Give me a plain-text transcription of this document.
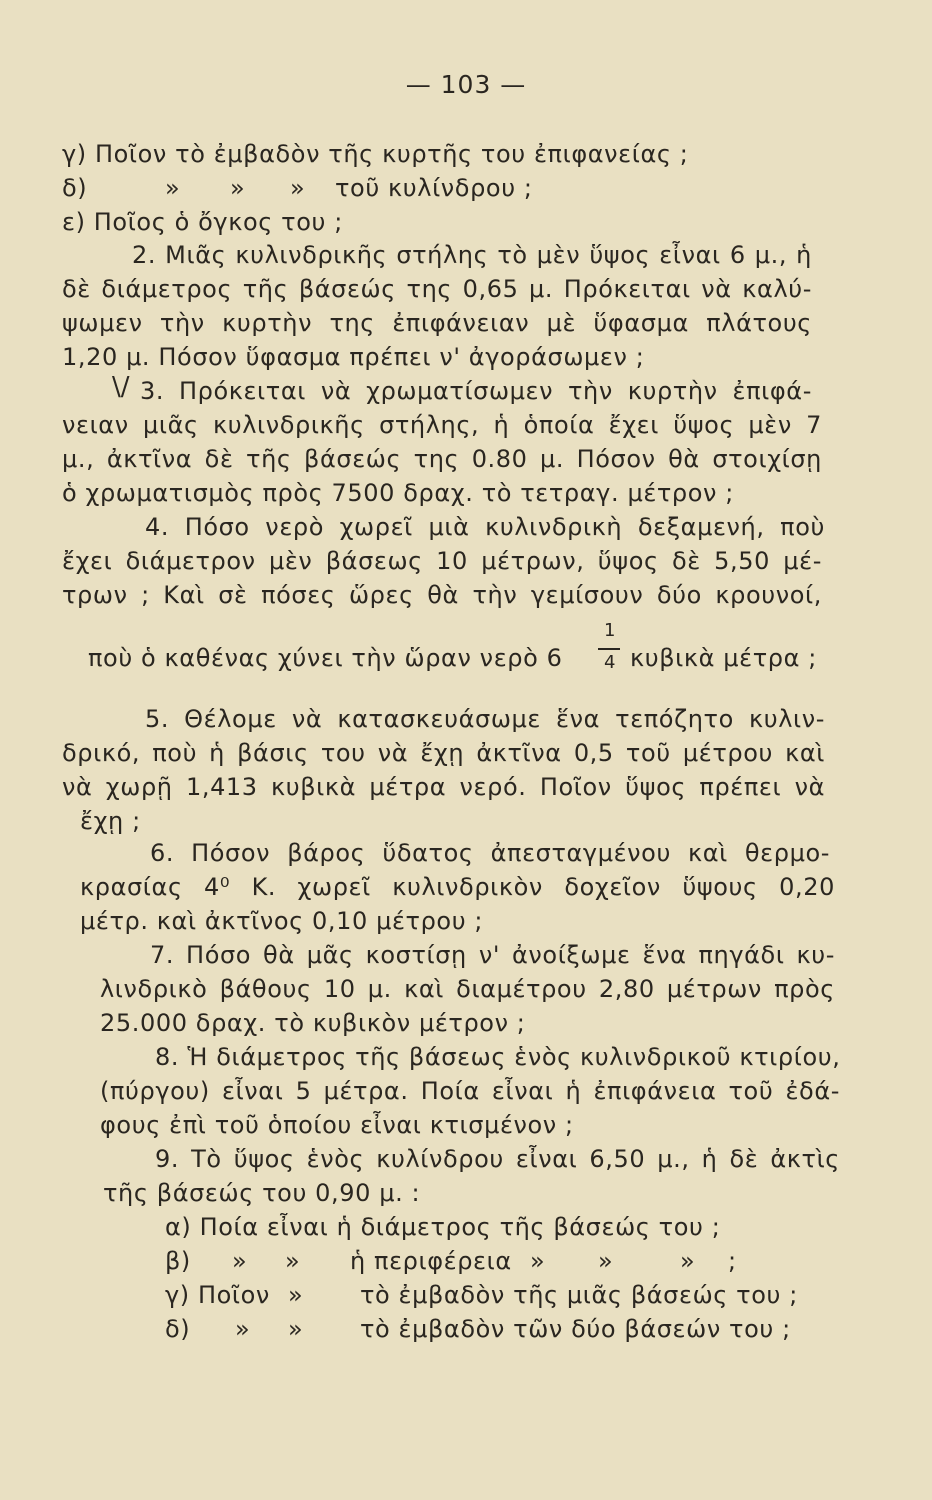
— 103 —
γ) Ποῖον τὸ ἐμβαδὸν τῆς κυρτῆς του ἐπιφανείας ;
δ)	» » » τοῦ κυλίνδρου ;
ε) Ποῖος ὁ ὄγκος του ;
2. Μιᾶς κυλινδρικῆς στήλης τὸ μὲν ὕψος εἶναι 6 μ., ἡ
δὲ διάμετρος τῆς βάσεώς της 0,65 μ. Πρόκειται νὰ καλύ-
ψωμεν τὴν κυρτὴν της ἐπιφάνειαν μὲ ὕφασμα πλάτους
1,20 μ. Πόσον ὕφασμα πρέπει ν' ἀγοράσωμεν ;
\/ 3. Πρόκειται νὰ χρωματίσωμεν τὴν κυρτὴν ἐπιφά-
νειαν μιᾶς κυλινδρικῆς στήλης, ἡ ὁποία ἔχει ὕψος μὲν 7
μ., ἀκτῖνα δὲ τῆς βάσεώς της 0.80 μ. Πόσον θὰ στοιχίσῃ
ὁ χρωματισμὸς πρὸς 7500 δραχ. τὸ τετραγ. μέτρον ;
4. Πόσο νερὸ χωρεῖ μιὰ κυλινδρικὴ δεξαμενή, ποὺ
ἔχει διάμετρον μὲν βάσεως 10 μέτρων, ὕψος δὲ 5,50 μέ-
τρων ; Καὶ σὲ πόσες ὥρες θὰ τὴν γεμίσουν δύο κρουνοί,
ποὺ ὁ καθένας χύνει τὴν ὥραν νερὸ 6
1
4 κυβικὰ μέτρα ;
5. Θέλομε νὰ κατασκευάσωμε ἕνα τεπόζητο κυλιν-
δρικό, ποὺ ἡ βάσις του νὰ ἔχῃ ἀκτῖνα 0,5 τοῦ μέτρου καὶ
νὰ χωρῇ 1,413 κυβικὰ μέτρα νερό. Ποῖον ὕψος πρέπει νὰ
ἔχῃ ;
6. Πόσον βάρος ὕδατος ἀπεσταγμένου καὶ θερμο-
κρασίας 4⁰ Κ. χωρεῖ κυλινδρικὸν δοχεῖον ὕψους 0,20
μέτρ. καὶ ἀκτῖνος 0,10 μέτρου ;
7. Πόσο θὰ μᾶς κοστίσῃ ν' ἀνοίξωμε ἕνα πηγάδι κυ-
λινδρικὸ βάθους 10 μ. καὶ διαμέτρου 2,80 μέτρων πρὸς
25.000 δραχ. τὸ κυβικὸν μέτρον ;
8. Ἡ διάμετρος τῆς βάσεως ἑνὸς κυλινδρικοῦ κτιρίου,
(πύργου) εἶναι 5 μέτρα. Ποία εἶναι ἡ ἐπιφάνεια τοῦ ἐδά-
φους ἐπὶ τοῦ ὁποίου εἶναι κτισμένον ;
9. Τὸ ὕψος ἑνὸς κυλίνδρου εἶναι 6,50 μ., ἡ δὲ ἀκτὶς
τῆς βάσεώς του 0,90 μ. :
α) Ποία εἶναι ἡ διάμετρος τῆς βάσεώς του ;
β) » » ἡ περιφέρεια » »	» ;
γ) Ποῖον » τὸ ἐμβαδὸν τῆς μιᾶς βάσεώς του ;
δ) » » τὸ ἐμβαδὸν τῶν δύο βάσεών του ;
